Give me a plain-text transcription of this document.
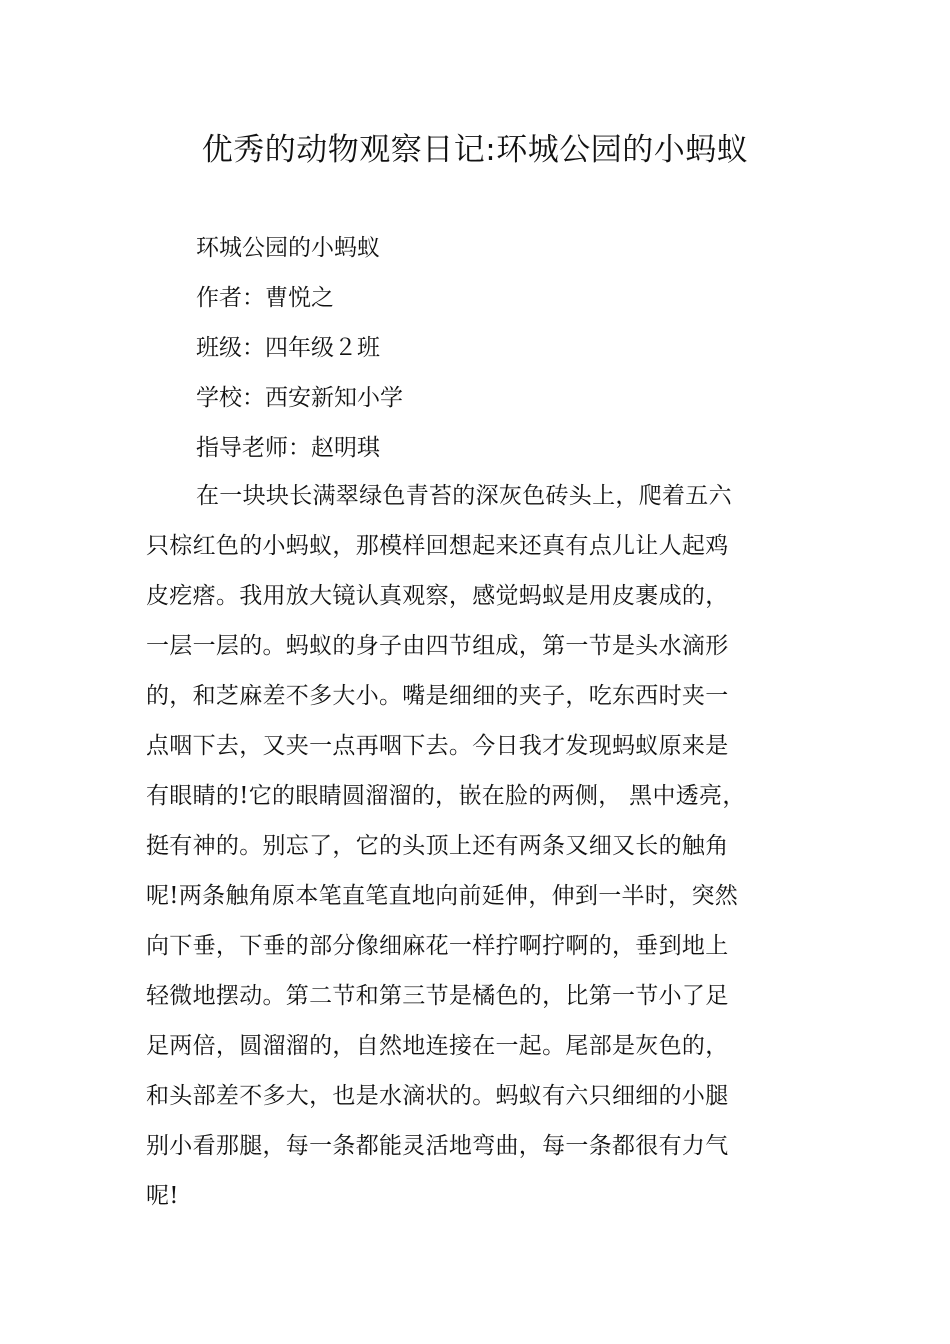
优秀的动物观察日记:环城公园的小蚂蚁
环城公园的小蚂蚁
作者：曹悦之
班级：四年级２班
学校：西安新知小学
指导老师：赵明琪
在一块块长满翠绿色青苔的深灰色砖头上，爬着五六
只棕红色的小蚂蚁，那模样回想起来还真有点儿让人起鸡
皮疙瘩。我用放大镜认真观察，感觉蚂蚁是用皮裹成的，
一层一层的。蚂蚁的身子由四节组成，第一节是头水滴形
的，和芝麻差不多大小。嘴是细细的夹子，吃东西时夹一
点咽下去，又夹一点再咽下去。今日我才发现蚂蚁原来是
有眼睛的!它的眼睛圆溜溜的，嵌在脸的两侧， 黑中透亮，
挺有神的。别忘了，它的头顶上还有两条又细又长的触角
呢!两条触角原本笔直笔直地向前延伸，伸到一半时，突然
向下垂，下垂的部分像细麻花一样拧啊拧啊的，垂到地上
轻微地摆动。第二节和第三节是橘色的，比第一节小了足
足两倍，圆溜溜的，自然地连接在一起。尾部是灰色的，
和头部差不多大，也是水滴状的。蚂蚁有六只细细的小腿
别小看那腿，每一条都能灵活地弯曲，每一条都很有力气
呢!
